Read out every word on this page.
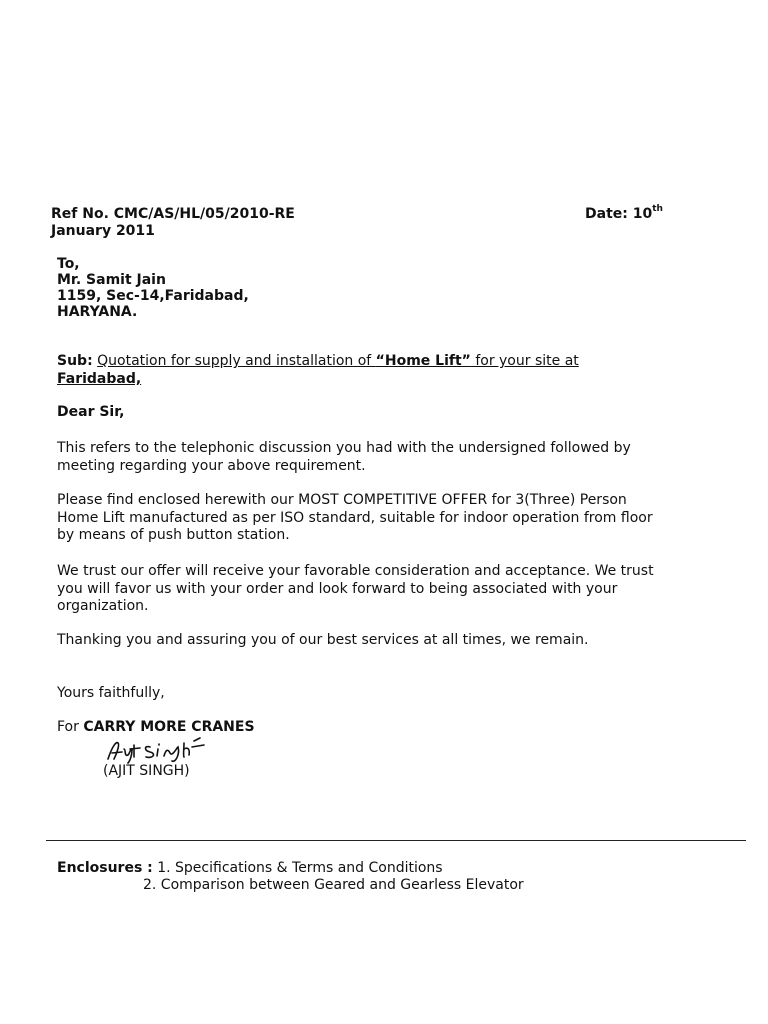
Ref No. CMC/AS/HL/05/2010-RE	Date: 10th
January 2011
To,
Mr. Samit Jain
1159, Sec-14,Faridabad,
HARYANA.
Sub: Quotation for supply and installation of “Home Lift” for your site at
Faridabad,
Dear Sir,
This refers to the telephonic discussion you had with the undersigned followed by
meeting regarding your above requirement.
Please find enclosed herewith our MOST COMPETITIVE OFFER for 3(Three) Person
Home Lift manufactured as per ISO standard, suitable for indoor operation from floor
by means of push button station.
We trust our offer will receive your favorable consideration and acceptance. We trust
you will favor us with your order and look forward to being associated with your
organization.
Thanking you and assuring you of our best services at all times, we remain.
Yours faithfully,
For CARRY MORE CRANES
(AJIT SINGH)
Enclosures : 1. Specifications & Terms and Conditions
2. Comparison between Geared and Gearless Elevator
